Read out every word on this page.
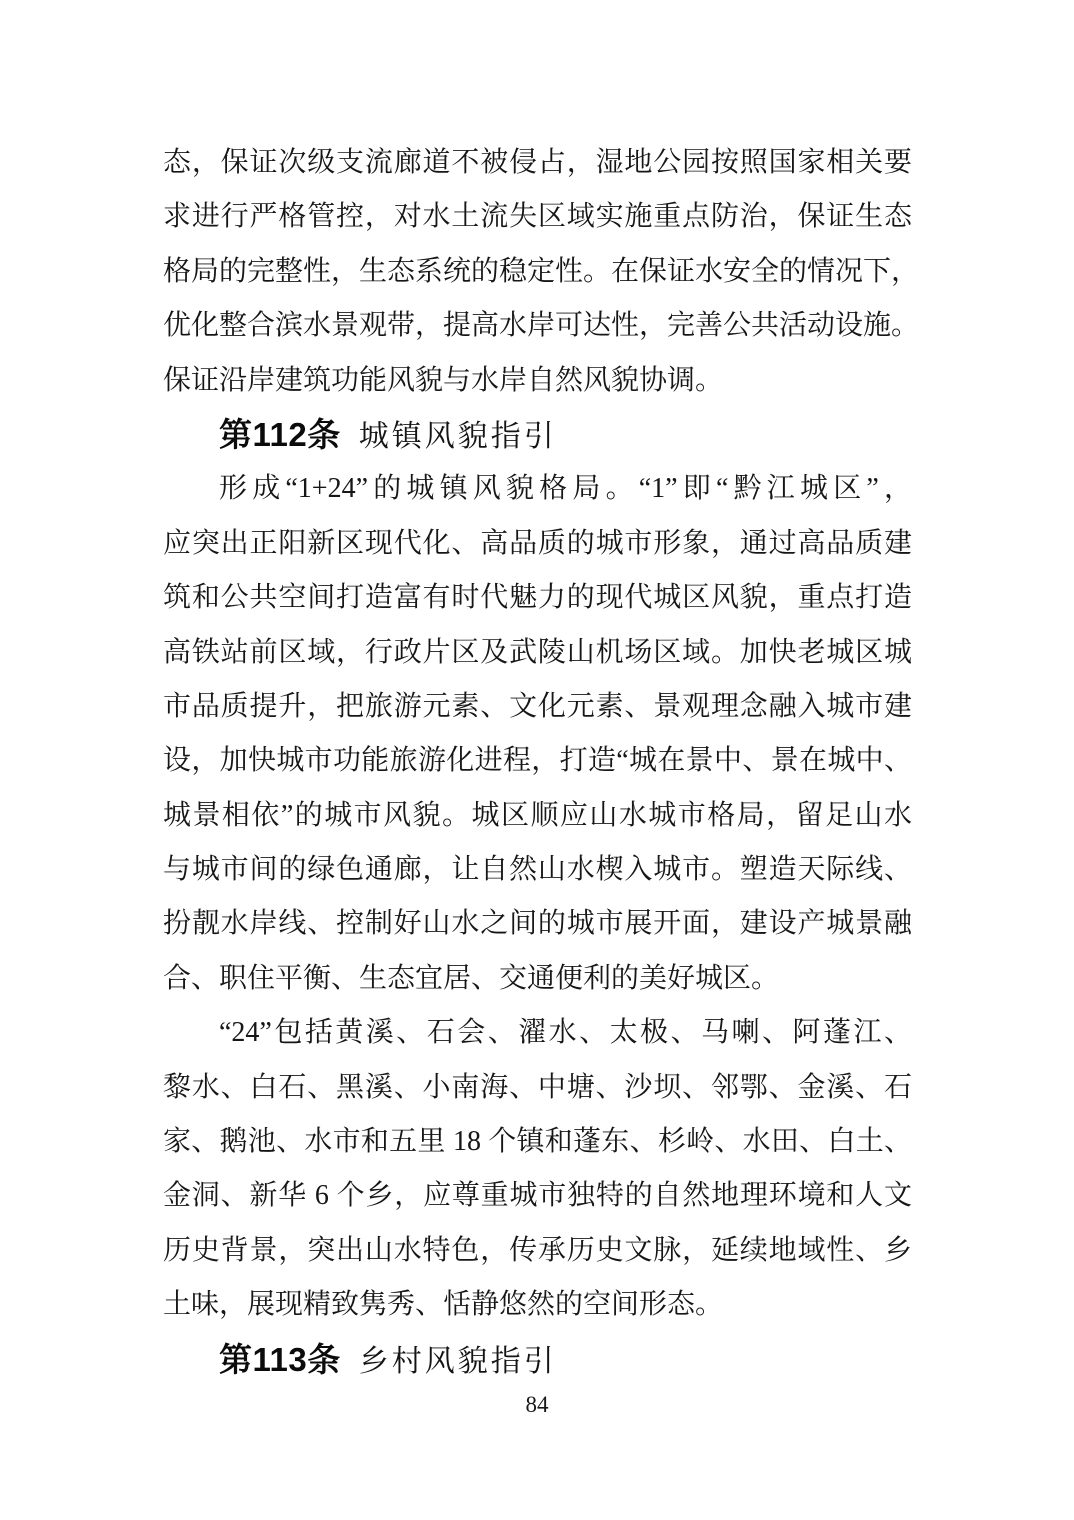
态，保证次级支流廊道不被侵占，湿地公园按照国家相关要
求进行严格管控，对水土流失区域实施重点防治，保证生态
格局的完整性，生态系统的稳定性。在保证水安全的情况下，
优化整合滨水景观带，提高水岸可达性，完善公共活动设施。
保证沿岸建筑功能风貌与水岸自然风貌协调。
第112条 城镇风貌指引
形成“1+24”的城镇风貌格局。“1”即“黔江城区”，
应突出正阳新区现代化、高品质的城市形象，通过高品质建
筑和公共空间打造富有时代魅力的现代城区风貌，重点打造
高铁站前区域，行政片区及武陵山机场区域。加快老城区城
市品质提升，把旅游元素、文化元素、景观理念融入城市建
设，加快城市功能旅游化进程，打造“城在景中、景在城中、
城景相依”的城市风貌。城区顺应山水城市格局，留足山水
与城市间的绿色通廊，让自然山水楔入城市。塑造天际线、
扮靓水岸线、控制好山水之间的城市展开面，建设产城景融
合、职住平衡、生态宜居、交通便利的美好城区。
“24”包括黄溪、石会、濯水、太极、马喇、阿蓬江、
黎水、白石、黑溪、小南海、中塘、沙坝、邻鄂、金溪、石
家、鹅池、水市和五里 18 个镇和蓬东、杉岭、水田、白土、
金洞、新华 6 个乡，应尊重城市独特的自然地理环境和人文
历史背景，突出山水特色，传承历史文脉，延续地域性、乡
土味，展现精致隽秀、恬静悠然的空间形态。
第113条 乡村风貌指引
84
